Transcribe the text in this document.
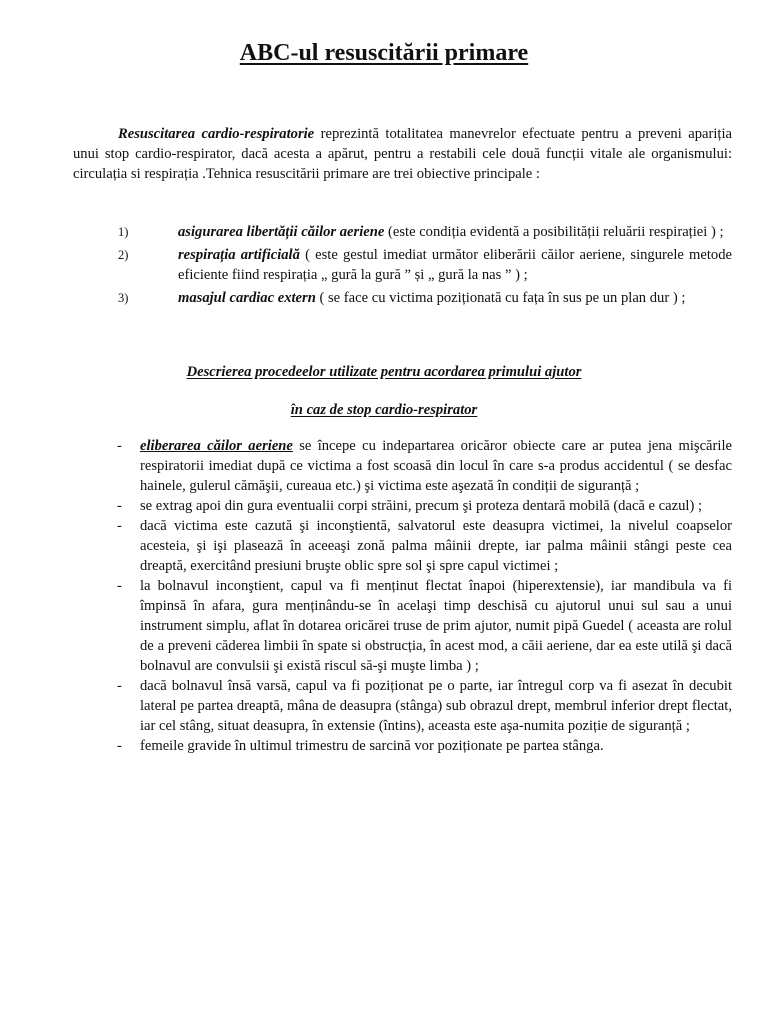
ABC-ul resuscitării primare

Resuscitarea cardio-respiratorie reprezintă totalitatea manevrelor efectuate pentru a preveni apariția unui stop cardio-respirator, dacă acesta a apărut, pentru a restabili cele două funcții vitale ale organismului: circulația si respirația .Tehnica resuscitării primare are trei obiective principale :

1)	asigurarea libertății căilor aeriene (este condiția evidentă a posibilității reluării respirației ) ;
2)	respirația artificială ( este gestul imediat următor eliberării căilor aeriene, singurele metode eficiente fiind respirația „ gură la gură ” și „ gură la nas ” ) ;
3)	masajul cardiac extern ( se face cu victima poziționată cu fața în sus pe un plan dur ) ;
Descrierea procedeelor utilizate pentru acordarea primului ajutor
în caz de stop cardio-respirator
- eliberarea căilor aeriene se începe cu indepartarea oricăror obiecte care ar putea jena mişcările respiratorii imediat după ce victima a fost scoasă din locul în care s-a produs accidentul ( se desfac hainele, gulerul cămăşii, cureaua etc.) şi victima este aşezată în condiții de siguranță ;
- se extrag apoi din gura eventualii corpi străini, precum şi proteza dentară mobilă (dacă e cazul) ;
- dacă victima este cazută şi inconştientă, salvatorul este deasupra victimei, la nivelul coapselor acesteia, şi işi plasează în aceeaşi zonă palma mâinii drepte, iar palma mâinii stângi peste cea dreaptă, exercitând presiuni bruşte oblic spre sol şi spre capul victimei ;
- la bolnavul inconştient, capul va fi menținut flectat înapoi (hiperextensie), iar mandibula va fi împinsă în afara, gura menținându-se în acelaşi timp deschisă cu ajutorul unui sul sau a unui instrument simplu, aflat în dotarea oricărei truse de prim ajutor, numit pipă Guedel ( aceasta are rolul de a preveni căderea limbii în spate si obstrucția, în acest mod, a căii aeriene, dar ea este utilă şi dacă bolnavul are convulsii şi există riscul să-şi muşte limba ) ;
- dacă bolnavul însă varsă, capul va fi poziționat pe o parte, iar întregul corp va fi asezat în decubit lateral pe partea dreaptă, mâna de deasupra (stânga) sub obrazul drept, membrul inferior drept flectat, iar cel stâng, situat deasupra, în extensie (întins), aceasta este aşa-numita poziție de siguranță ;
- femeile gravide în ultimul trimestru de sarcină vor poziționate pe partea stânga.
